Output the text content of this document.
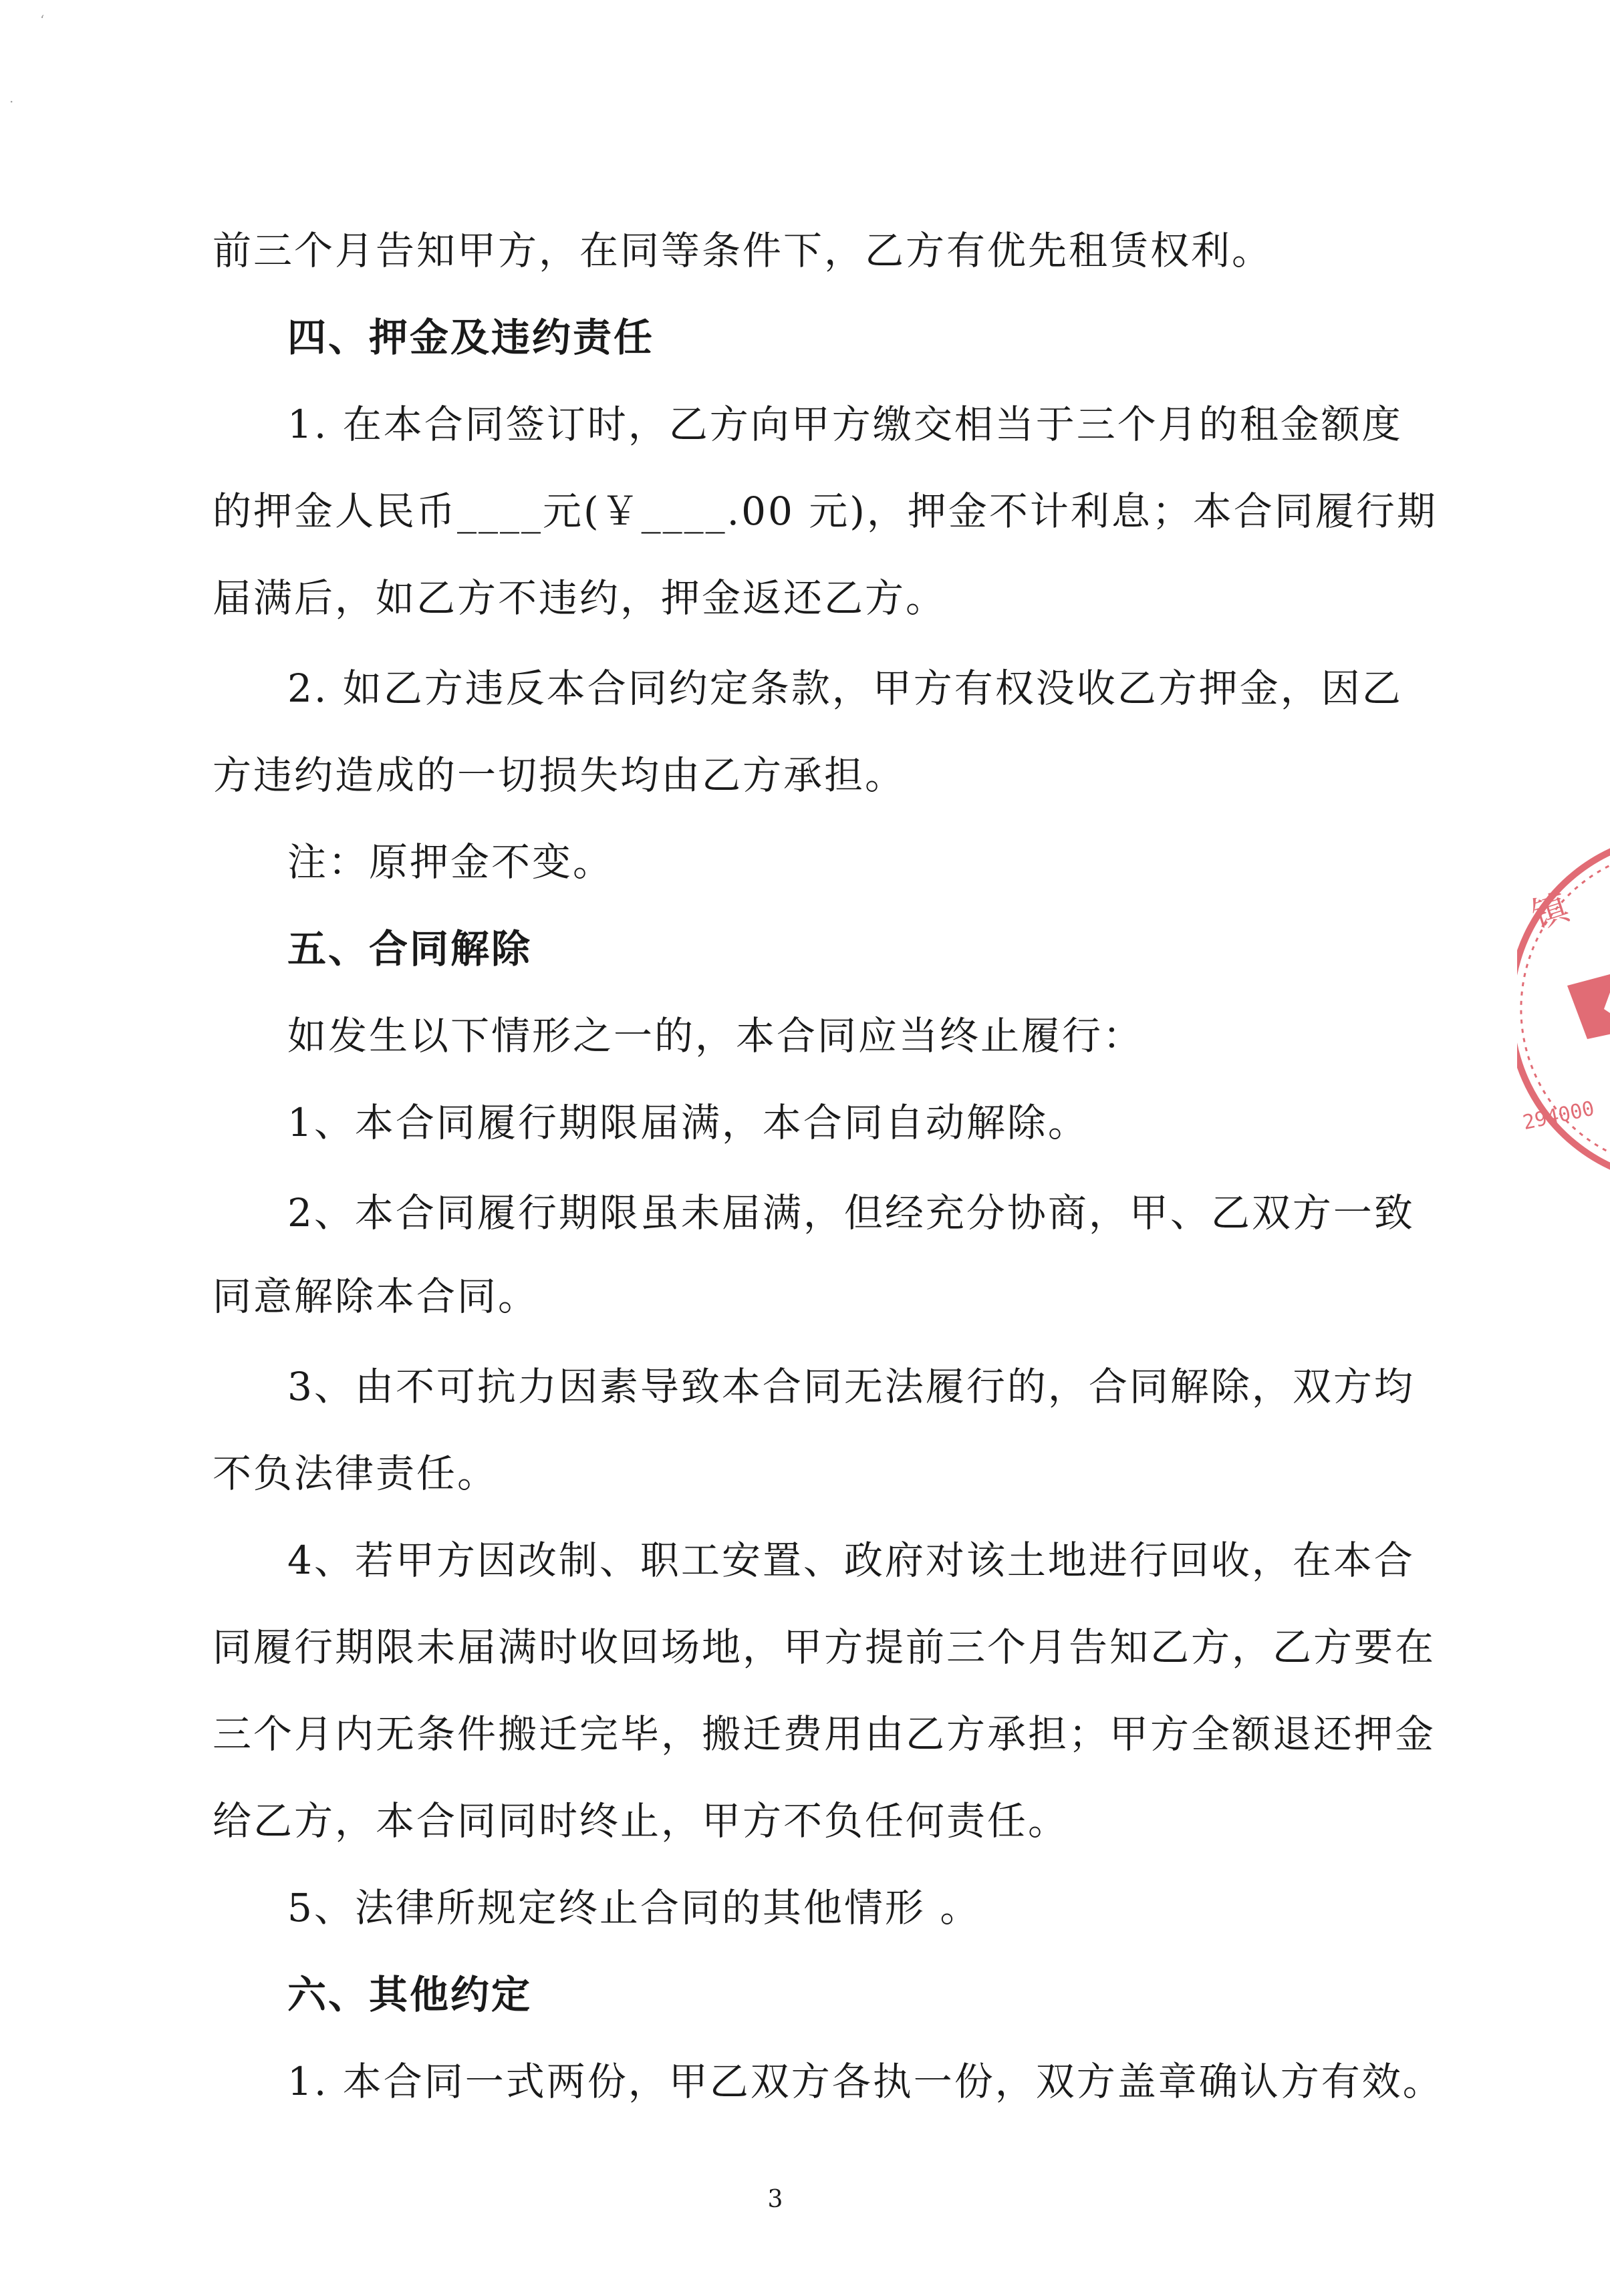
‘
·
前三个月告知甲方，在同等条件下，乙方有优先租赁权利。
四、押金及违约责任
1. 在本合同签订时，乙方向甲方缴交相当于三个月的租金额度
的押金人民币____元(￥____.00 元)，押金不计利息；本合同履行期
届满后，如乙方不违约，押金返还乙方。
2. 如乙方违反本合同约定条款，甲方有权没收乙方押金，因乙
方违约造成的一切损失均由乙方承担。
注：原押金不变。
五、合同解除
如发生以下情形之一的，本合同应当终止履行：
1、本合同履行期限届满，本合同自动解除。
2、本合同履行期限虽未届满，但经充分协商，甲、乙双方一致
同意解除本合同。
3、由不可抗力因素导致本合同无法履行的，合同解除，双方均
不负法律责任。
4、若甲方因改制、职工安置、政府对该土地进行回收，在本合
同履行期限未届满时收回场地，甲方提前三个月告知乙方，乙方要在
三个月内无条件搬迁完毕，搬迁费用由乙方承担；甲方全额退还押金
给乙方，本合同同时终止，甲方不负任何责任。
5、法律所规定终止合同的其他情形 。
六、其他约定
1. 本合同一式两份，甲乙双方各执一份，双方盖章确认方有效。
3
镇
294000
